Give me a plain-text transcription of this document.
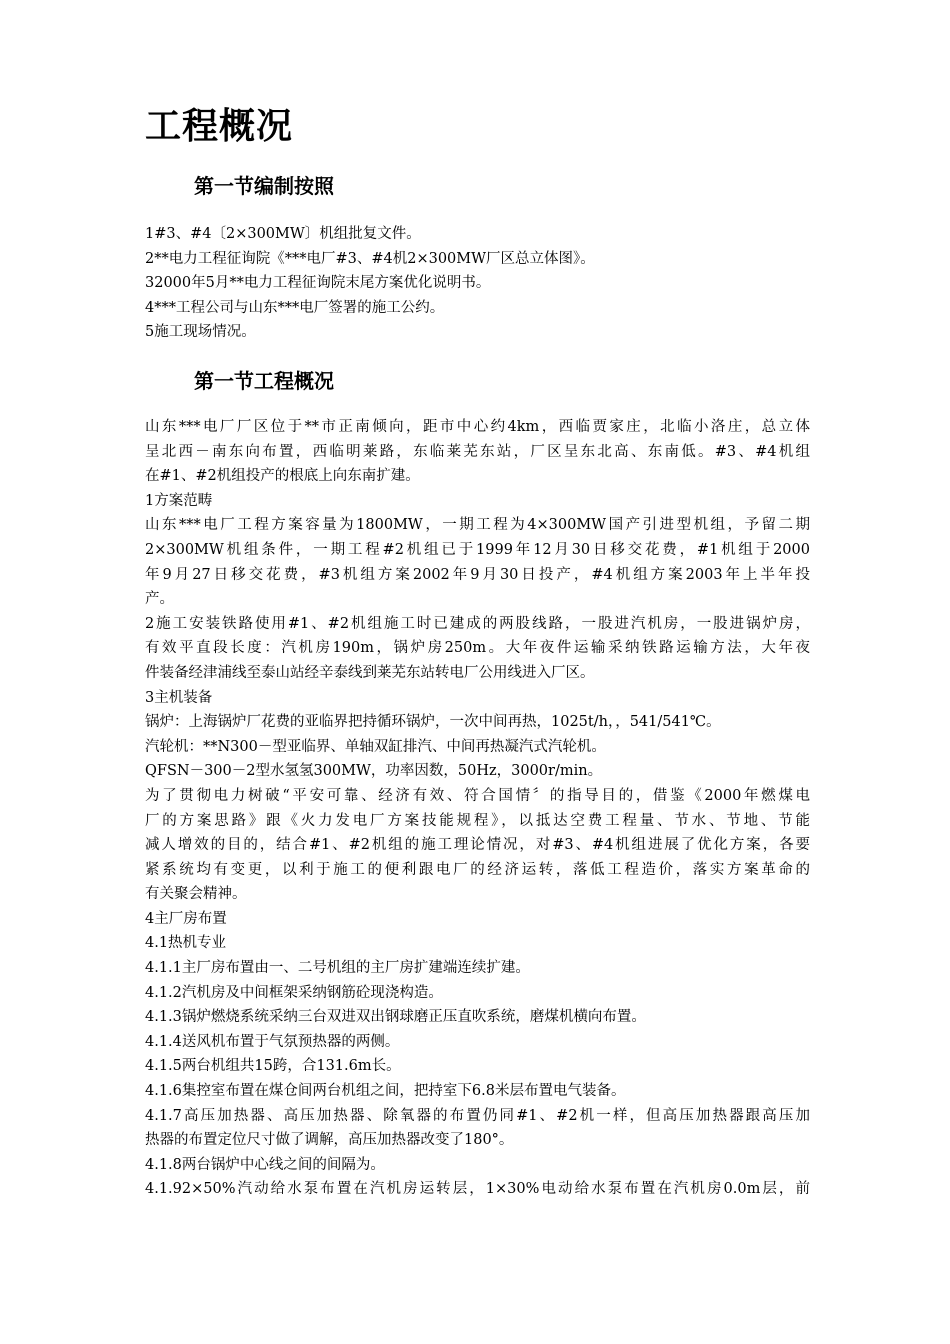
工程概况
第一节编制按照
1#3、#4〔2×300MW〕机组批复文件。
2**电力工程征询院《***电厂#3、#4机2×300MW厂区总立体图》。
32000年5月**电力工程征询院末尾方案优化说明书。
4***工程公司与山东***电厂签署的施工公约。
5施工现场情况。
第一节工程概况
山东***电厂厂区位于**市正南倾向，距市中心约4km，西临贾家庄，北临小洛庄，总立体
呈北西－南东向布置，西临明莱路，东临莱芜东站，厂区呈东北高、东南低。#3、#4机组
在#1、#2机组投产的根底上向东南扩建。
1方案范畴
山东***电厂工程方案容量为1800MW，一期工程为4×300MW国产引进型机组，予留二期
2×300MW机组条件，一期工程#2机组已于1999年12月30日移交花费，#1机组于2000
年9月27日移交花费，#3机组方案2002年9月30日投产，#4机组方案2003年上半年投
产。
2施工安装铁路使用#1、#2机组施工时已建成的两股线路，一股进汽机房，一股进锅炉房，
有效平直段长度：汽机房190m，锅炉房250m。大年夜件运输采纳铁路运输方法，大年夜
件装备经津浦线至泰山站经辛泰线到莱芜东站转电厂公用线进入厂区。
3主机装备
锅炉：上海锅炉厂花费的亚临界把持循环锅炉，一次中间再热，1025t/h，，541/541℃。
汽轮机：**N300－型亚临界、单轴双缸排汽、中间再热凝汽式汽轮机。
QFSN－300－2型水氢氢300MW，功率因数，50Hz，3000r/min。
为了贯彻电力树破“平安可靠、经济有效、符合国情〞的指导目的，借鉴《2000年燃煤电
厂的方案思路》跟《火力发电厂方案技能规程》，以抵达空费工程量、节水、节地、节能
减人增效的目的，结合#1、#2机组的施工理论情况，对#3、#4机组进展了优化方案，各要
紧系统均有变更，以利于施工的便利跟电厂的经济运转，落低工程造价，落实方案革命的
有关聚会精神。
4主厂房布置
4.1热机专业
4.1.1主厂房布置由一、二号机组的主厂房扩建端连续扩建。
4.1.2汽机房及中间框架采纳钢筋砼现浇构造。
4.1.3锅炉燃烧系统采纳三台双进双出钢球磨正压直吹系统，磨煤机横向布置。
4.1.4送风机布置于气氛预热器的两侧。
4.1.5两台机组共15跨，合131.6m长。
4.1.6集控室布置在煤仓间两台机组之间，把持室下6.8米层布置电气装备。
4.1.7高压加热器、高压加热器、除氧器的布置仍同#1、#2机一样，但高压加热器跟高压加
热器的布置定位尺寸做了调解，高压加热器改变了180°。
4.1.8两台锅炉中心线之间的间隔为。
4.1.92×50%汽动给水泵布置在汽机房运转层，1×30%电动给水泵布置在汽机房0.0m层，前
